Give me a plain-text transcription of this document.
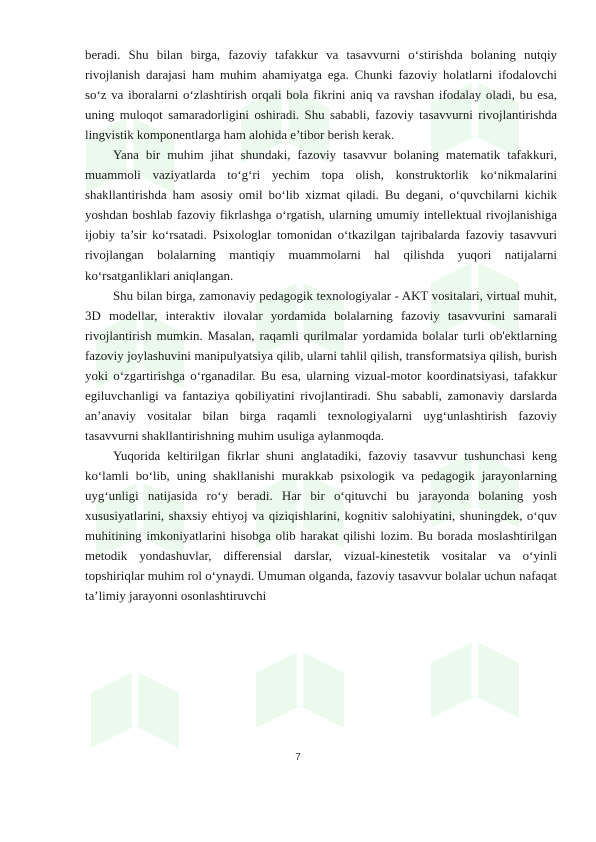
beradi. Shu bilan birga, fazoviy tafakkur va tasavvurni o‘stirishda bolaning nutqiy rivojlanish darajasi ham muhim ahamiyatga ega. Chunki fazoviy holatlarni ifodalovchi so‘z va iboralarni o‘zlashtirish orqali bola fikrini aniq va ravshan ifodalay oladi, bu esa, uning muloqot samaradorligini oshiradi. Shu sababli, fazoviy tasavvurni rivojlantirishda lingvistik komponentlarga ham alohida e’tibor berish kerak.

Yana bir muhim jihat shundaki, fazoviy tasavvur bolaning matematik tafakkuri, muammoli vaziyatlarda to‘g‘ri yechim topa olish, konstruktorlik ko‘nikmalarini shakllantirishda ham asosiy omil bo‘lib xizmat qiladi. Bu degani, o‘quvchilarni kichik yoshdan boshlab fazoviy fikrlashga o‘rgatish, ularning umumiy intellektual rivojlanishiga ijobiy ta’sir ko‘rsatadi. Psixologlar tomonidan o‘tkazilgan tajribalarda fazoviy tasavvuri rivojlangan bolalarning mantiqiy muammolarni hal qilishda yuqori natijalarni ko‘rsatganliklari aniqlangan.

Shu bilan birga, zamonaviy pedagogik texnologiyalar - AKT vositalari, virtual muhit, 3D modellar, interaktiv ilovalar yordamida bolalarning fazoviy tasavvurini samarali rivojlantirish mumkin. Masalan, raqamli qurilmalar yordamida bolalar turli ob'ektlarning fazoviy joylashuvini manipulyatsiya qilib, ularni tahlil qilish, transformatsiya qilish, burish yoki o‘zgartirishga o‘rganadilar. Bu esa, ularning vizual-motor koordinatsiyasi, tafakkur egiluvchanligi va fantaziya qobiliyatini rivojlantiradi. Shu sababli, zamonaviy darslarda an’anaviy vositalar bilan birga raqamli texnologiyalarni uyg‘unlashtirish fazoviy tasavvurni shakllantirishning muhim usuliga aylanmoqda.

Yuqorida keltirilgan fikrlar shuni anglatadiki, fazoviy tasavvur tushunchasi keng ko‘lamli bo‘lib, uning shakllanishi murakkab psixologik va pedagogik jarayonlarning uyg‘unligi natijasida ro‘y beradi. Har bir o‘qituvchi bu jarayonda bolaning yosh xususiyatlarini, shaxsiy ehtiyoj va qiziqishlarini, kognitiv salohiyatini, shuningdek, o‘quv muhitining imkoniyatlarini hisobga olib harakat qilishi lozim. Bu borada moslashtirilgan metodik yondashuvlar, differensial darslar, vizual-kinestetik vositalar va o‘yinli topshiriqlar muhim rol o‘ynaydi. Umuman olganda, fazoviy tasavvur bolalar uchun nafaqat ta’limiy jarayonni osonlashtiruvchi

7
